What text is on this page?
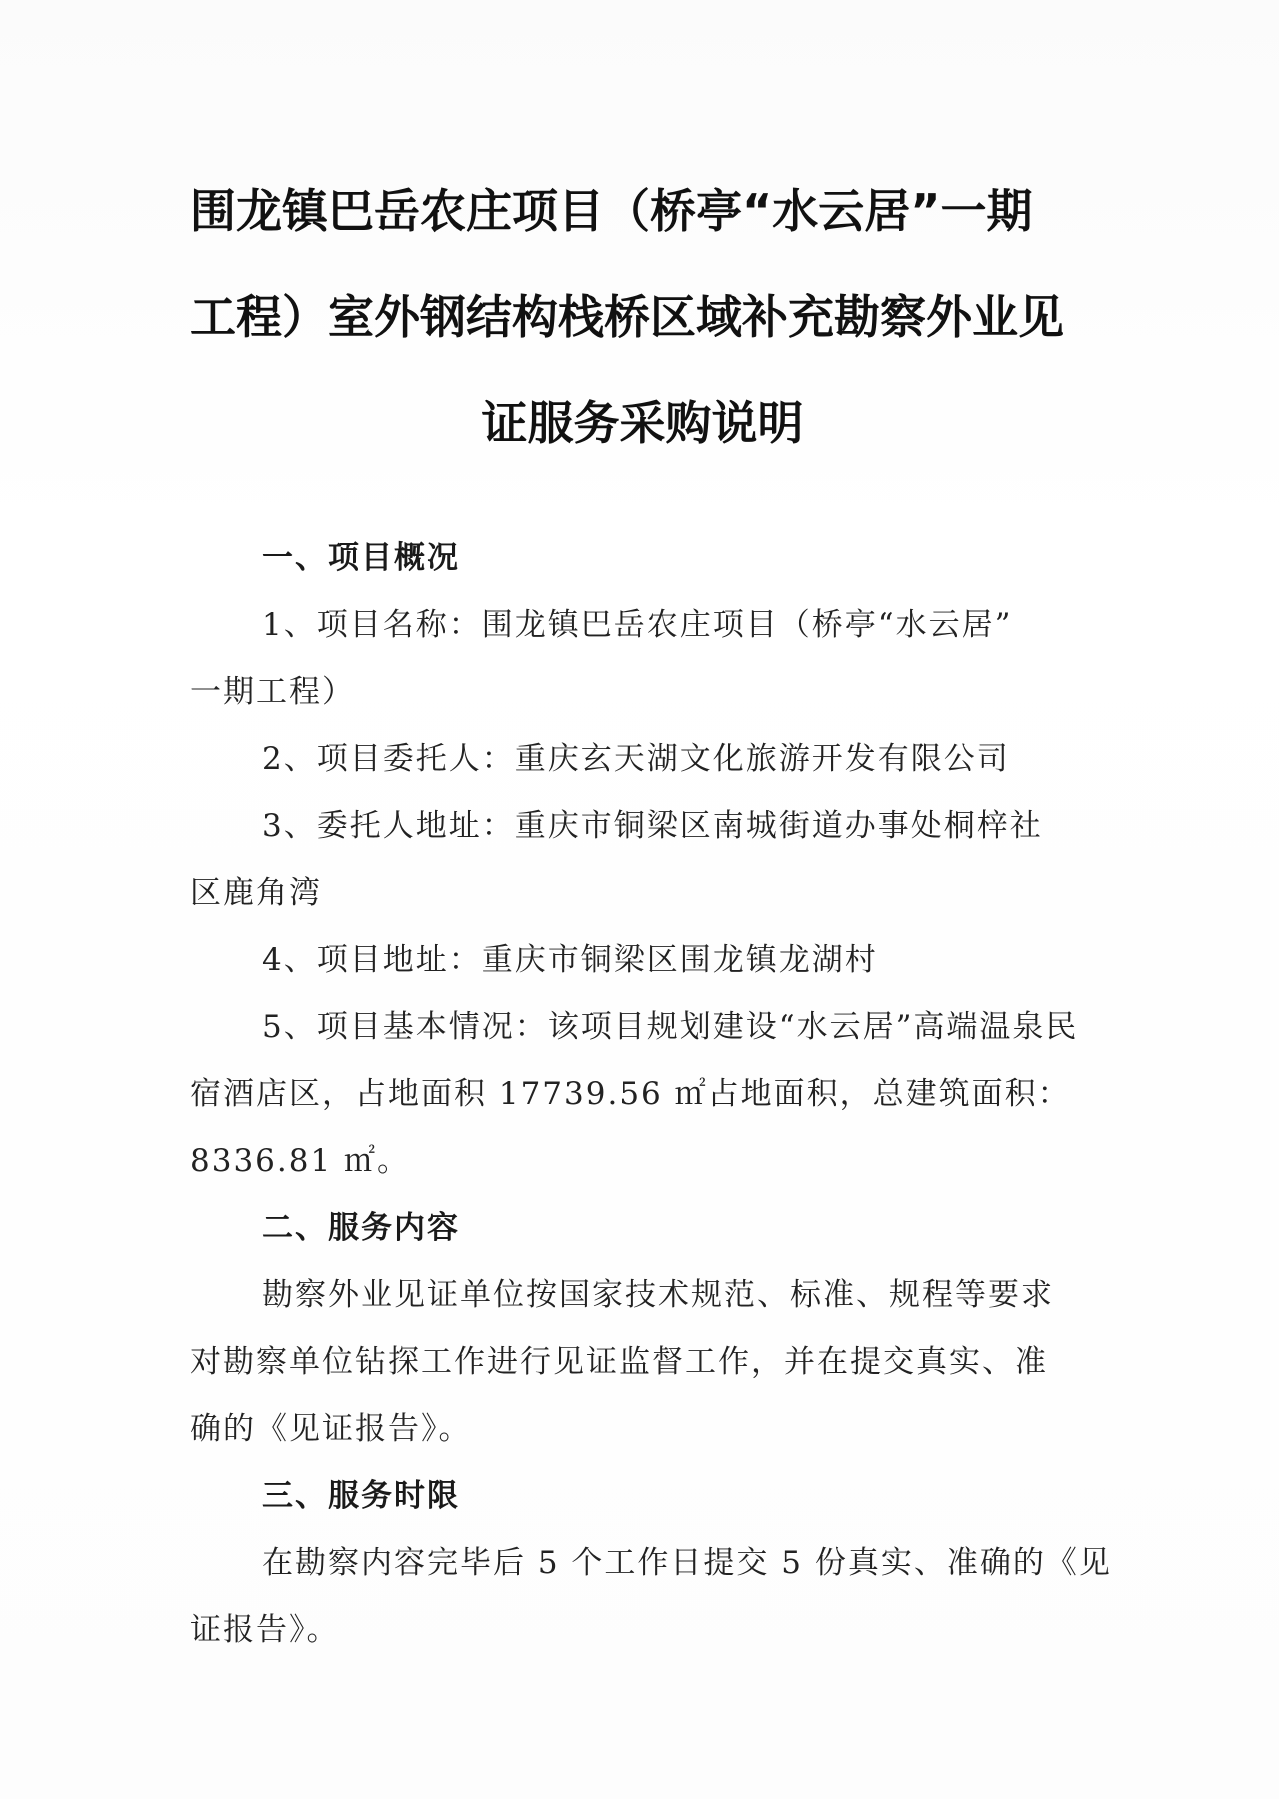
围龙镇巴岳农庄项目（桥亭“水云居”一期
工程）室外钢结构栈桥区域补充勘察外业见
证服务采购说明
一、项目概况

1、项目名称：围龙镇巴岳农庄项目（桥亭“水云居”
一期工程）

2、项目委托人：重庆玄天湖文化旅游开发有限公司

3、委托人地址：重庆市铜梁区南城街道办事处桐梓社
区鹿角湾

4、项目地址：重庆市铜梁区围龙镇龙湖村

5、项目基本情况：该项目规划建设“水云居”高端温泉民
宿酒店区，占地面积 17739.56 ㎡占地面积，总建筑面积：
8336.81 ㎡。

二、服务内容

勘察外业见证单位按国家技术规范、标准、规程等要求
对勘察单位钻探工作进行见证监督工作，并在提交真实、准
确的《见证报告》。

三、服务时限

在勘察内容完毕后 5 个工作日提交 5 份真实、准确的《见
证报告》。
